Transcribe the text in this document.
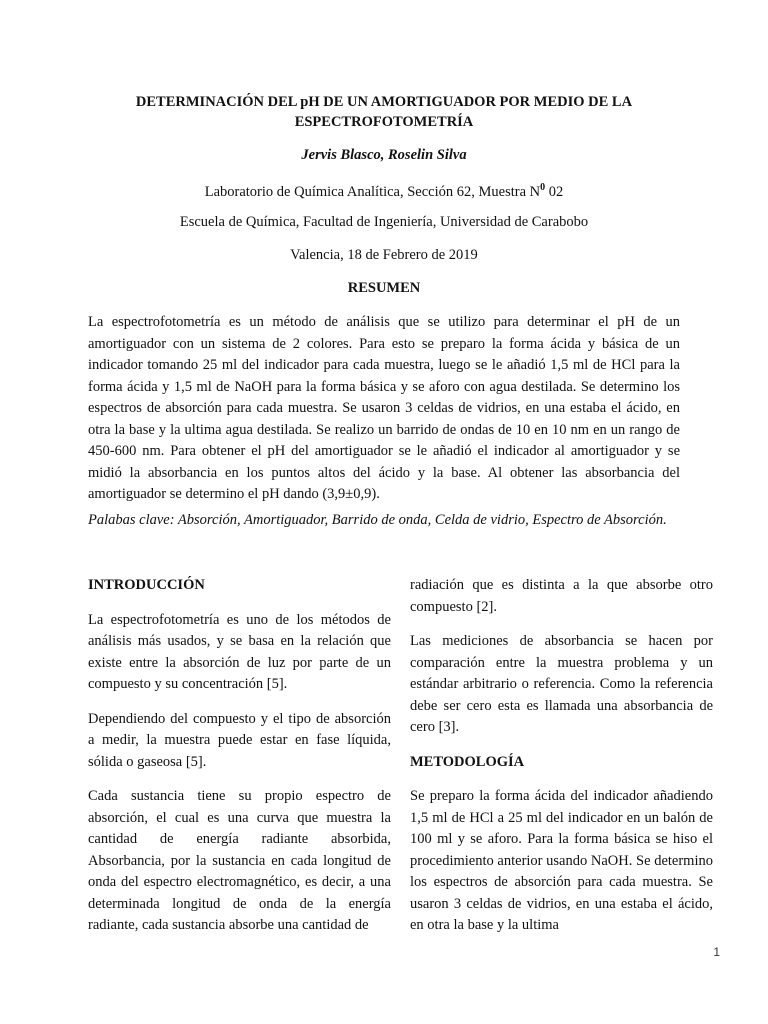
DETERMINACIÓN DEL pH DE UN AMORTIGUADOR POR MEDIO DE LA
ESPECTROFOTOMETRÍA
Jervis Blasco, Roselin Silva
Laboratorio de Química Analítica, Sección 62, Muestra $N^0$ 02
Escuela de Química, Facultad de Ingeniería, Universidad de Carabobo
Valencia, 18 de Febrero de 2019
RESUMEN

La espectrofotometría es un método de análisis que se utilizo para determinar el pH de un amortiguador con un sistema de 2 colores. Para esto se preparo la forma ácida y básica de un indicador tomando 25 ml del indicador para cada muestra, luego se le añadió 1,5 ml de HCl para la forma ácida y 1,5 ml de NaOH para la forma básica y se aforo con agua destilada. Se determino los espectros de absorción para cada muestra. Se usaron 3 celdas de vidrios, en una estaba el ácido, en otra la base y la ultima agua destilada. Se realizo un barrido de ondas de 10 en 10 nm en un rango de 450-600 nm. Para obtener el pH del amortiguador se le añadió el indicador al amortiguador y se midió la absorbancia en los puntos altos del ácido y la base. Al obtener las absorbancia del amortiguador se determino el pH dando (3,9±0,9).

Palabas clave: Absorción, Amortiguador, Barrido de onda, Celda de vidrio, Espectro de Absorción.

INTRODUCCIÓN

La espectrofotometría es uno de los métodos de análisis más usados, y se basa en la relación que existe entre la absorción de luz por parte de un compuesto y su concentración [5].

Dependiendo del compuesto y el tipo de absorción a medir, la muestra puede estar en fase líquida, sólida o gaseosa [5].

Cada sustancia tiene su propio espectro de absorción, el cual es una curva que muestra la cantidad de energía radiante absorbida, Absorbancia, por la sustancia en cada longitud de onda del espectro electromagnético, es decir, a una determinada longitud de onda de la energía radiante, cada sustancia absorbe una cantidad de

radiación que es distinta a la que absorbe otro compuesto [2].

Las mediciones de absorbancia se hacen por comparación entre la muestra problema y un estándar arbitrario o referencia. Como la referencia debe ser cero esta es llamada una absorbancia de cero [3].

METODOLOGÍA

Se preparo la forma ácida del indicador añadiendo 1,5 ml de HCl a 25 ml del indicador en un balón de 100 ml y se aforo. Para la forma básica se hiso el procedimiento anterior usando NaOH. Se determino los espectros de absorción para cada muestra. Se usaron 3 celdas de vidrios, en una estaba el ácido, en otra la base y la ultima

1
